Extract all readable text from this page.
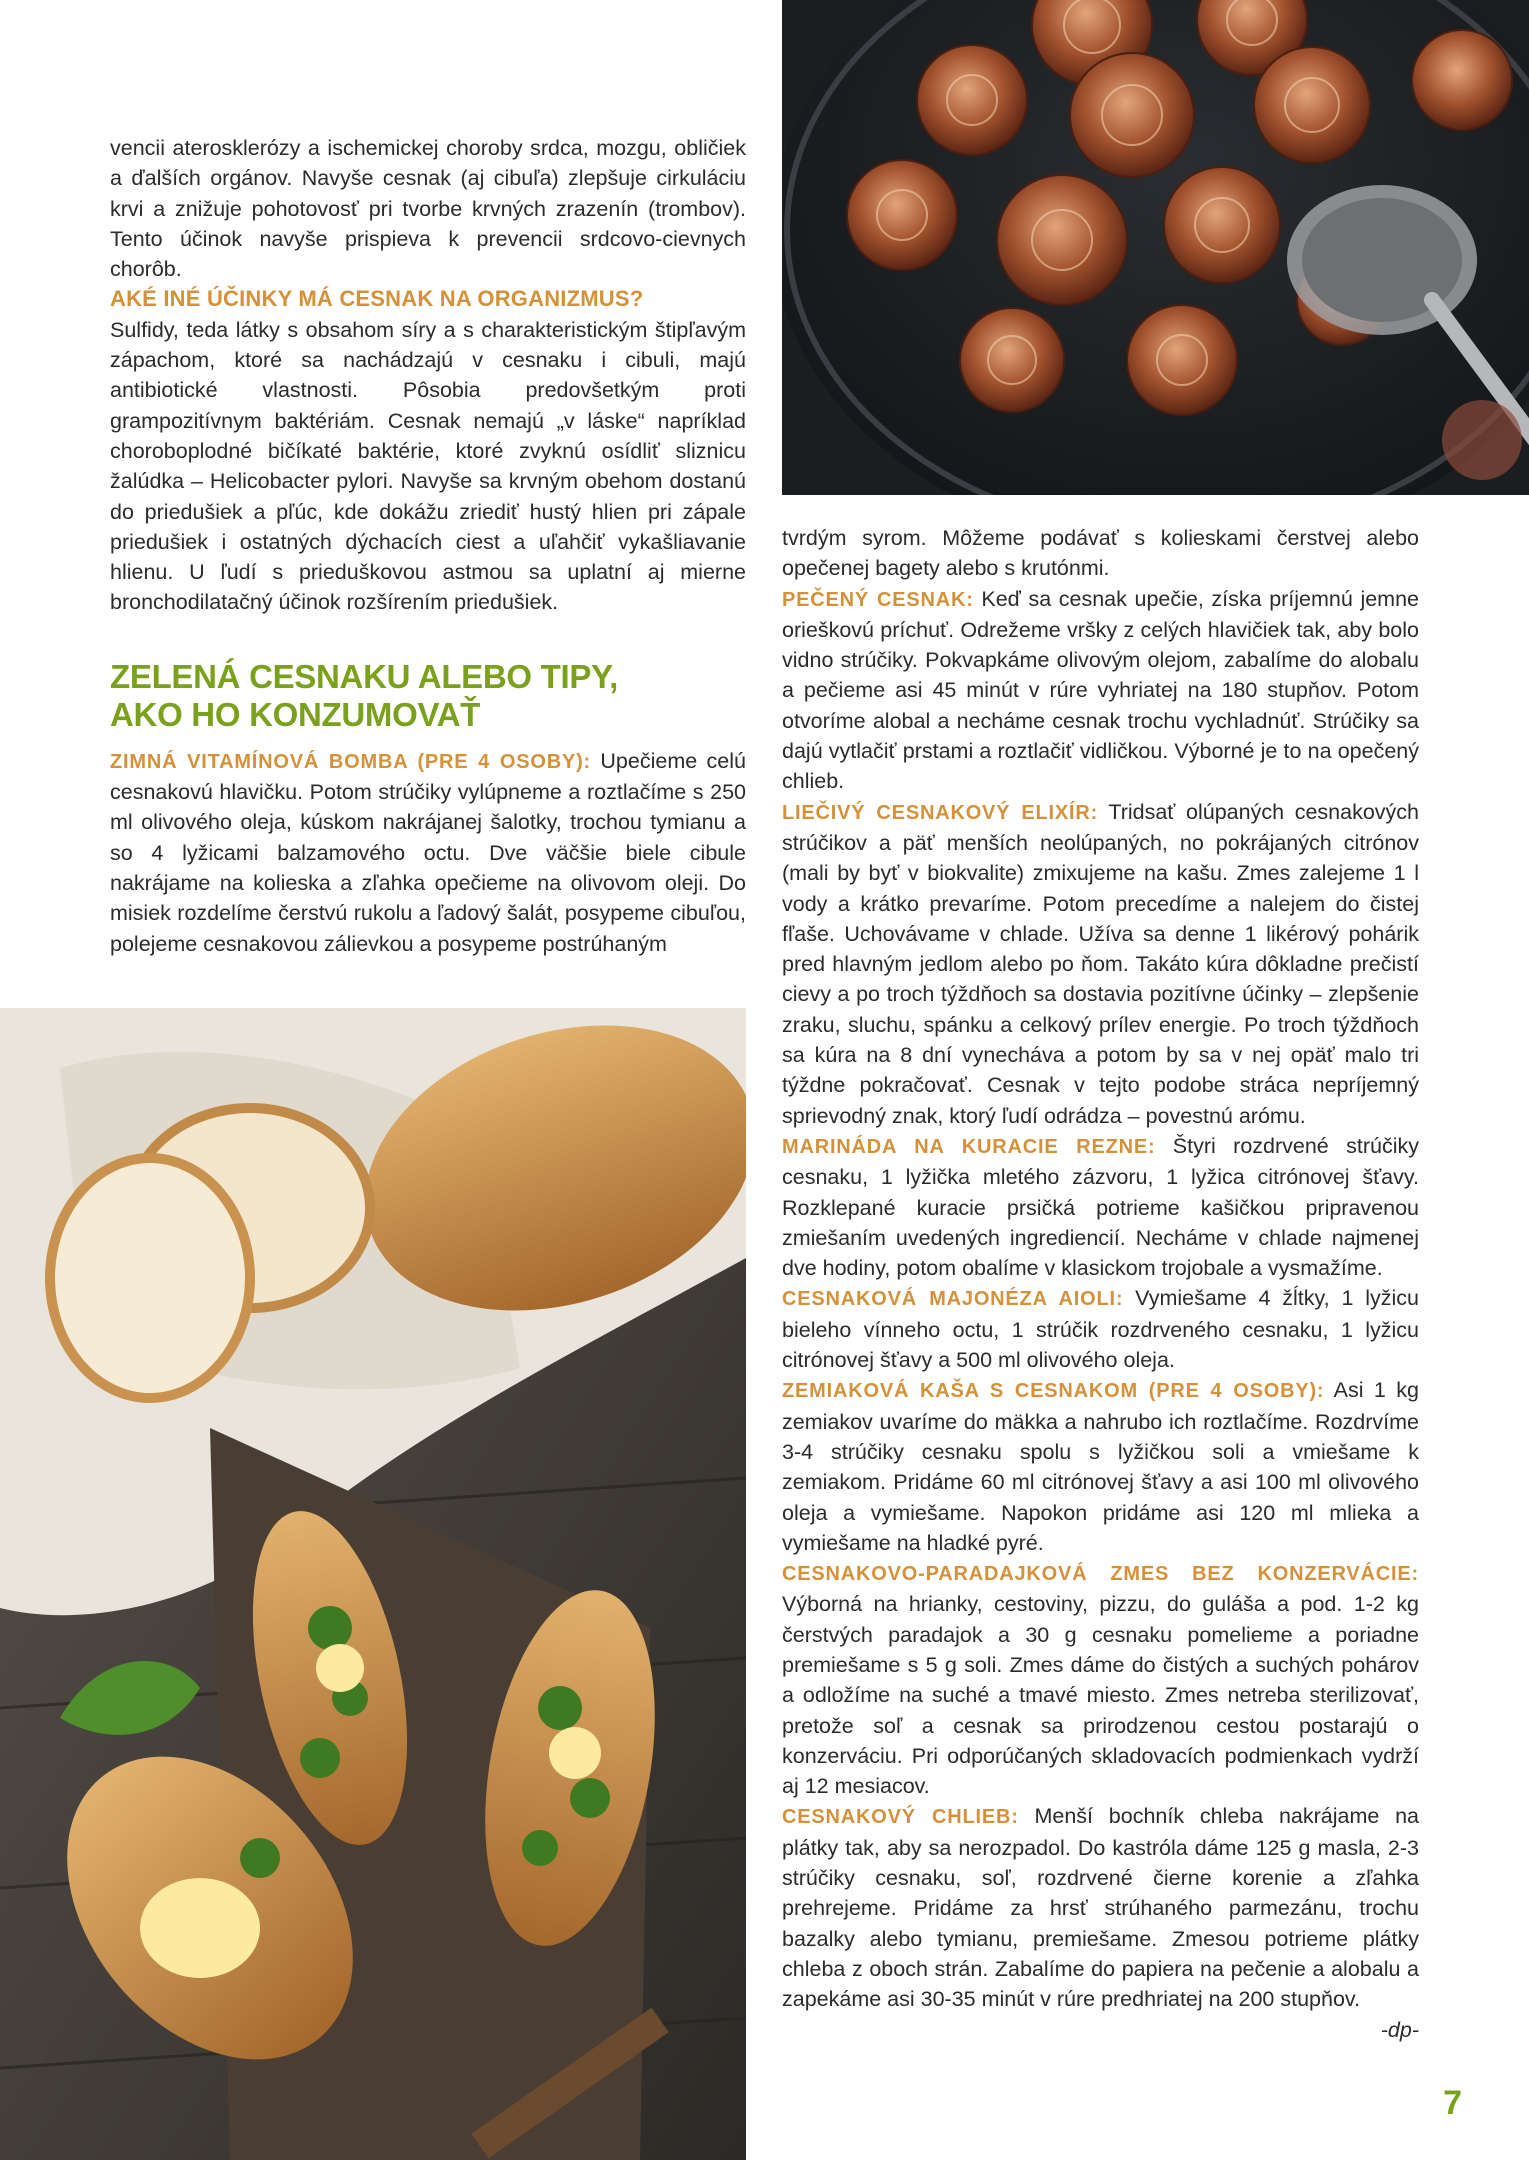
vencii aterosklerózy a ischemickej choroby srdca, mozgu, obličiek a ďalších orgánov. Navyše cesnak (aj cibuľa) zlepšuje cirkuláciu krvi a znižuje pohotovosť pri tvorbe krvných zrazenín (trombov). Tento účinok navyše prispieva k prevencii srdcovo-cievnych chorôb.

AKÉ INÉ ÚČINKY MÁ CESNAK NA ORGANIZMUS?

Sulfidy, teda látky s obsahom síry a s charakteristickým štipľavým zápachom, ktoré sa nachádzajú v cesnaku i cibuli, majú antibiotické vlastnosti. Pôsobia predovšetkým proti grampozitívnym baktériám. Cesnak nemajú „v láske“ napríklad choroboplodné bičíkaté baktérie, ktoré zvyknú osídliť sliznicu žalúdka – Helicobacter pylori. Navyše sa krvným obehom dostanú do priedušiek a pľúc, kde dokážu zriediť hustý hlien pri zápale priedušiek i ostatných dýchacích ciest a uľahčiť vykašliavanie hlienu. U ľudí s prieduškovou astmou sa uplatní aj mierne bronchodilatačný účinok rozšírením priedušiek.

ZELENÁ CESNAKU ALEBO TIPY,
AKO HO KONZUMOVAŤ

ZIMNÁ VITAMÍNOVÁ BOMBA (PRE 4 OSOBY): Upečieme celú cesnakovú hlavičku. Potom strúčiky vylúpneme a roztlačíme s 250 ml olivového oleja, kúskom nakrájanej šalotky, trochou tymianu a so 4 lyžicami balzamového octu. Dve väčšie biele cibule nakrájame na kolieska a zľahka opečieme na olivovom oleji. Do misiek rozdelíme čerstvú rukolu a ľadový šalát, posypeme cibuľou, polejeme cesnakovou zálievkou a posypeme postrúhaným

tvrdým syrom. Môžeme podávať s kolieskami čerstvej alebo opečenej bagety alebo s krutónmi.

PEČENÝ CESNAK: Keď sa cesnak upečie, získa príjemnú jemne orieškovú príchuť. Odrežeme vršky z celých hlavičiek tak, aby bolo vidno strúčiky. Pokvapkáme olivovým olejom, zabalíme do alobalu a pečieme asi 45 minút v rúre vyhriatej na 180 stupňov. Potom otvoríme alobal a necháme cesnak trochu vychladnúť. Strúčiky sa dajú vytlačiť prstami a roztlačiť vidličkou. Výborné je to na opečený chlieb.

LIEČIVÝ CESNAKOVÝ ELIXÍR: Tridsať olúpaných cesnakových strúčikov a päť menších neolúpaných, no pokrájaných citrónov (mali by byť v biokvalite) zmixujeme na kašu. Zmes zalejeme 1 l vody a krátko prevaríme. Potom precedíme a nalejem do čistej fľaše. Uchovávame v chlade. Užíva sa denne 1 likérový pohárik pred hlavným jedlom alebo po ňom. Takáto kúra dôkladne prečistí cievy a po troch týždňoch sa dostavia pozitívne účinky – zlepšenie zraku, sluchu, spánku a celkový prílev energie. Po troch týždňoch sa kúra na 8 dní vynecháva a potom by sa v nej opäť malo tri týždne pokračovať. Cesnak v tejto podobe stráca nepríjemný sprievodný znak, ktorý ľudí odrádza – povestnú arómu.

MARINÁDA NA KURACIE REZNE: Štyri rozdrvené strúčiky cesnaku, 1 lyžička mletého zázvoru, 1 lyžica citrónovej šťavy. Rozklepané kuracie prsičká potrieme kašičkou pripravenou zmiešaním uvedených ingrediencií. Necháme v chlade najmenej dve hodiny, potom obalíme v klasickom trojobale a vysmažíme.

CESNAKOVÁ MAJONÉZA AIOLI: Vymiešame 4 žĺtky, 1 lyžicu bieleho vínneho octu, 1 strúčik rozdrveného cesnaku, 1 lyžicu citrónovej šťavy a 500 ml olivového oleja.

ZEMIAKOVÁ KAŠA S CESNAKOM (PRE 4 OSOBY): Asi 1 kg zemiakov uvaríme do mäkka a nahrubo ich roztlačíme. Rozdrvíme 3-4 strúčiky cesnaku spolu s lyžičkou soli a vmiešame k zemiakom. Pridáme 60 ml citrónovej šťavy a asi 100 ml olivového oleja a vymiešame. Napokon pridáme asi 120 ml mlieka a vymiešame na hladké pyré.

CESNAKOVO-PARADAJKOVÁ ZMES BEZ KONZERVÁCIE: Výborná na hrianky, cestoviny, pizzu, do guláša a pod. 1-2 kg čerstvých paradajok a 30 g cesnaku pomelieme a poriadne premiešame s 5 g soli. Zmes dáme do čistých a suchých pohárov a odložíme na suché a tmavé miesto. Zmes netreba sterilizovať, pretože soľ a cesnak sa prirodzenou cestou postarajú o konzerváciu. Pri odporúčaných skladovacích podmienkach vydrží aj 12 mesiacov.

CESNAKOVÝ CHLIEB: Menší bochník chleba nakrájame na plátky tak, aby sa nerozpadol. Do kastróla dáme 125 g masla, 2-3 strúčiky cesnaku, soľ, rozdrvené čierne korenie a zľahka prehrejeme. Pridáme za hrsť strúhaného parmezánu, trochu bazalky alebo tymianu, premiešame. Zmesou potrieme plátky chleba z oboch strán. Zabalíme do papiera na pečenie a alobalu a zapekáme asi 30-35 minút v rúre predhriatej na 200 stupňov.

-dp-

7
